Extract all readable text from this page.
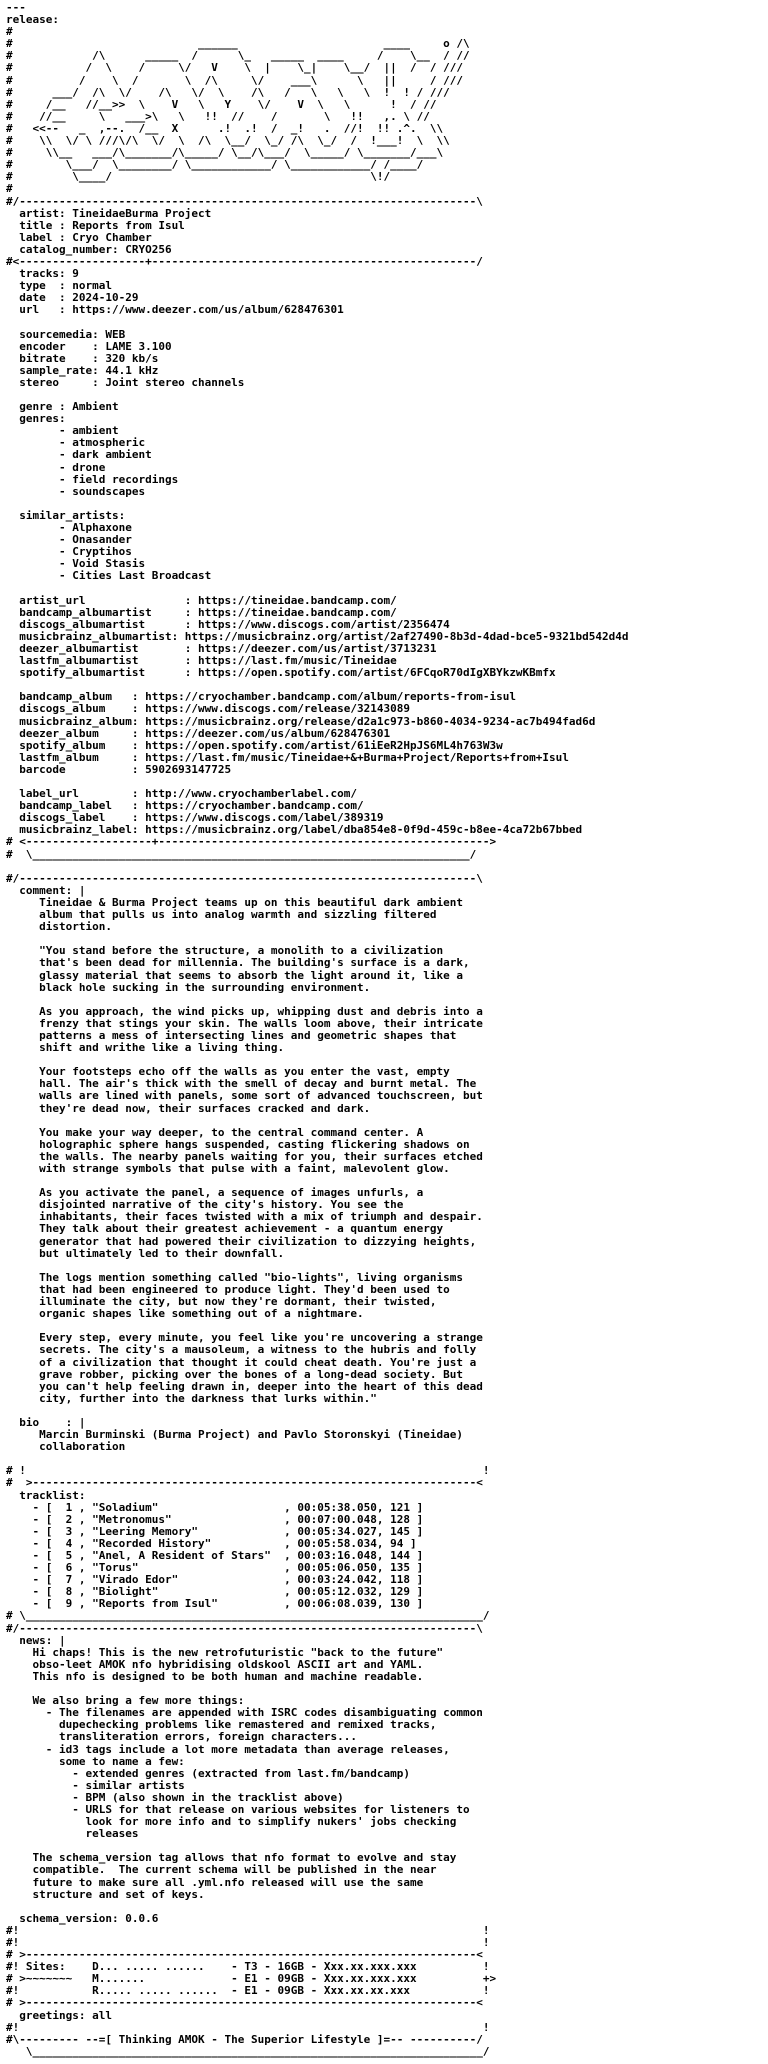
---
release:
#
#                            ______                      ____     o /\
#            /\      _____  /      \_   _____  ____     /    \__  / //
#           /  \    /     \/   V    \  |    \_|    \__/  ||  /  / ///
#          /    \  /       \  /\     \/    ___\      \   ||     / ///
#      ___/  /\  \/    /\   \/  \    /\   /   \   \   \  !  ! / ///
#     /__   //__>>  \    V   \   Y    \/    V  \   \      !  / //
#    //__     \   ___>\   \   !!  //    /       \   !!   ,. \ //
#   <<--   _  ,--.  /__  X      .!  .!  /  _!   .  //!  !! .^.  \\
#    \\  \/ \ ///\/\  \/  \  /\  \__/  \_/ /\  \_/  /  !___!  \  \\
#     \\__   ___/\_______/\_____/ \__/\___/  \_____/ \_______/___\
#        \___/  \________/ \____________/ \____________/ /____/
#         \____/                                       \!/
#
#/---------------------------------------------------------------------\
artist: TineidaeBurma Project
title : Reports from Isul
label : Cryo Chamber
catalog_number: CRYO256
#<-------------------+-------------------------------------------------/
tracks: 9
type  : normal
date  : 2024-10-29
url   : https://www.deezer.com/us/album/628476301

sourcemedia: WEB
encoder    : LAME 3.100
bitrate    : 320 kb/s
sample_rate: 44.1 kHz
stereo     : Joint stereo channels

genre : Ambient
genres:
- ambient
- atmospheric
- dark ambient
- drone
- field recordings
- soundscapes

similar_artists:
- Alphaxone
- Onasander
- Cryptihos
- Void Stasis
- Cities Last Broadcast

artist_url               : https://tineidae.bandcamp.com/
bandcamp_albumartist     : https://tineidae.bandcamp.com/
discogs_albumartist      : https://www.discogs.com/artist/2356474
musicbrainz_albumartist: https://musicbrainz.org/artist/2af27490-8b3d-4dad-bce5-9321bd542d4d
deezer_albumartist       : https://deezer.com/us/artist/3713231
lastfm_albumartist       : https://last.fm/music/Tineidae
spotify_albumartist      : https://open.spotify.com/artist/6FCqoR70dIgXBYkzwKBmfx

bandcamp_album   : https://cryochamber.bandcamp.com/album/reports-from-isul
discogs_album    : https://www.discogs.com/release/32143089
musicbrainz_album: https://musicbrainz.org/release/d2a1c973-b860-4034-9234-ac7b494fad6d
deezer_album     : https://deezer.com/us/album/628476301
spotify_album    : https://open.spotify.com/artist/61iEeR2HpJS6ML4h763W3w
lastfm_album     : https://last.fm/music/Tineidae+&+Burma+Project/Reports+from+Isul
barcode          : 5902693147725

label_url        : http://www.cryochamberlabel.com/
bandcamp_label   : https://cryochamber.bandcamp.com/
discogs_label    : https://www.discogs.com/label/389319
musicbrainz_label: https://musicbrainz.org/label/dba854e8-0f9d-459c-b8ee-4ca72b67bbed
# <-------------------+-------------------------------------------------->
#  \__________________________________________________________________/

#/---------------------------------------------------------------------\
comment: |
Tineidae & Burma Project teams up on this beautiful dark ambient
album that pulls us into analog warmth and sizzling filtered
distortion.

"You stand before the structure, a monolith to a civilization
that's been dead for millennia. The building's surface is a dark,
glassy material that seems to absorb the light around it, like a
black hole sucking in the surrounding environment.

As you approach, the wind picks up, whipping dust and debris into a
frenzy that stings your skin. The walls loom above, their intricate
patterns a mess of intersecting lines and geometric shapes that
shift and writhe like a living thing.

Your footsteps echo off the walls as you enter the vast, empty
hall. The air's thick with the smell of decay and burnt metal. The
walls are lined with panels, some sort of advanced touchscreen, but
they're dead now, their surfaces cracked and dark.

You make your way deeper, to the central command center. A
holographic sphere hangs suspended, casting flickering shadows on
the walls. The nearby panels waiting for you, their surfaces etched
with strange symbols that pulse with a faint, malevolent glow.

As you activate the panel, a sequence of images unfurls, a
disjointed narrative of the city's history. You see the
inhabitants, their faces twisted with a mix of triumph and despair.
They talk about their greatest achievement - a quantum energy
generator that had powered their civilization to dizzying heights,
but ultimately led to their downfall.

The logs mention something called "bio-lights", living organisms
that had been engineered to produce light. They'd been used to
illuminate the city, but now they're dormant, their twisted,
organic shapes like something out of a nightmare.

Every step, every minute, you feel like you're uncovering a strange
secrets. The city's a mausoleum, a witness to the hubris and folly
of a civilization that thought it could cheat death. You're just a
grave robber, picking over the bones of a long-dead society. But
you can't help feeling drawn in, deeper into the heart of this dead
city, further into the darkness that lurks within."

bio    : |
Marcin Burminski (Burma Project) and Pavlo Storonskyi (Tineidae)
collaboration

# !                                                                     !
#  >-------------------------------------------------------------------<
tracklist:
- [  1 , "Soladium"                   , 00:05:38.050, 121 ]
- [  2 , "Metronomus"                 , 00:07:00.048, 128 ]
- [  3 , "Leering Memory"             , 00:05:34.027, 145 ]
- [  4 , "Recorded History"           , 00:05:58.034, 94 ]
- [  5 , "Anel, A Resident of Stars"  , 00:03:16.048, 144 ]
- [  6 , "Torus"                      , 00:05:06.050, 135 ]
- [  7 , "Virado Edor"                , 00:03:24.042, 118 ]
- [  8 , "Biolight"                   , 00:05:12.032, 129 ]
- [  9 , "Reports from Isul"          , 00:06:08.039, 130 ]
# \_____________________________________________________________________/
#/---------------------------------------------------------------------\
news: |
Hi chaps! This is the new retrofuturistic "back to the future"
obso-leet AMOK nfo hybridising oldskool ASCII art and YAML.
This nfo is designed to be both human and machine readable.

We also bring a few more things:
- The filenames are appended with ISRC codes disambiguating common
dupechecking problems like remastered and remixed tracks,
transliteration errors, foreign characters...
- id3 tags include a lot more metadata than average releases,
some to name a few:
- extended genres (extracted from last.fm/bandcamp)
- similar artists
- BPM (also shown in the tracklist above)
- URLS for that release on various websites for listeners to
look for more info and to simplify nukers' jobs checking
releases

The schema_version tag allows that nfo format to evolve and stay
compatible.  The current schema will be published in the near
future to make sure all .yml.nfo released will use the same
structure and set of keys.

schema_version: 0.0.6
#!                                                                      !
#!                                                                      !
# >--------------------------------------------------------------------<
#! Sites:    D... ..... ......    - T3 - 16GB - Xxx.xx.xxx.xxx          !
# >~~~~~~~   M.......             - E1 - 09GB - Xxx.xx.xxx.xxx          +>
#!           R..... ..... ......  - E1 - 09GB - Xxx.xx.xx.xxx           !
# >--------------------------------------------------------------------<
greetings: all
#!                                                                      !
#\--------- --=[ Thinking AMOK - The Superior Lifestyle ]=-- ----------/
\____________________________________________________________________/
